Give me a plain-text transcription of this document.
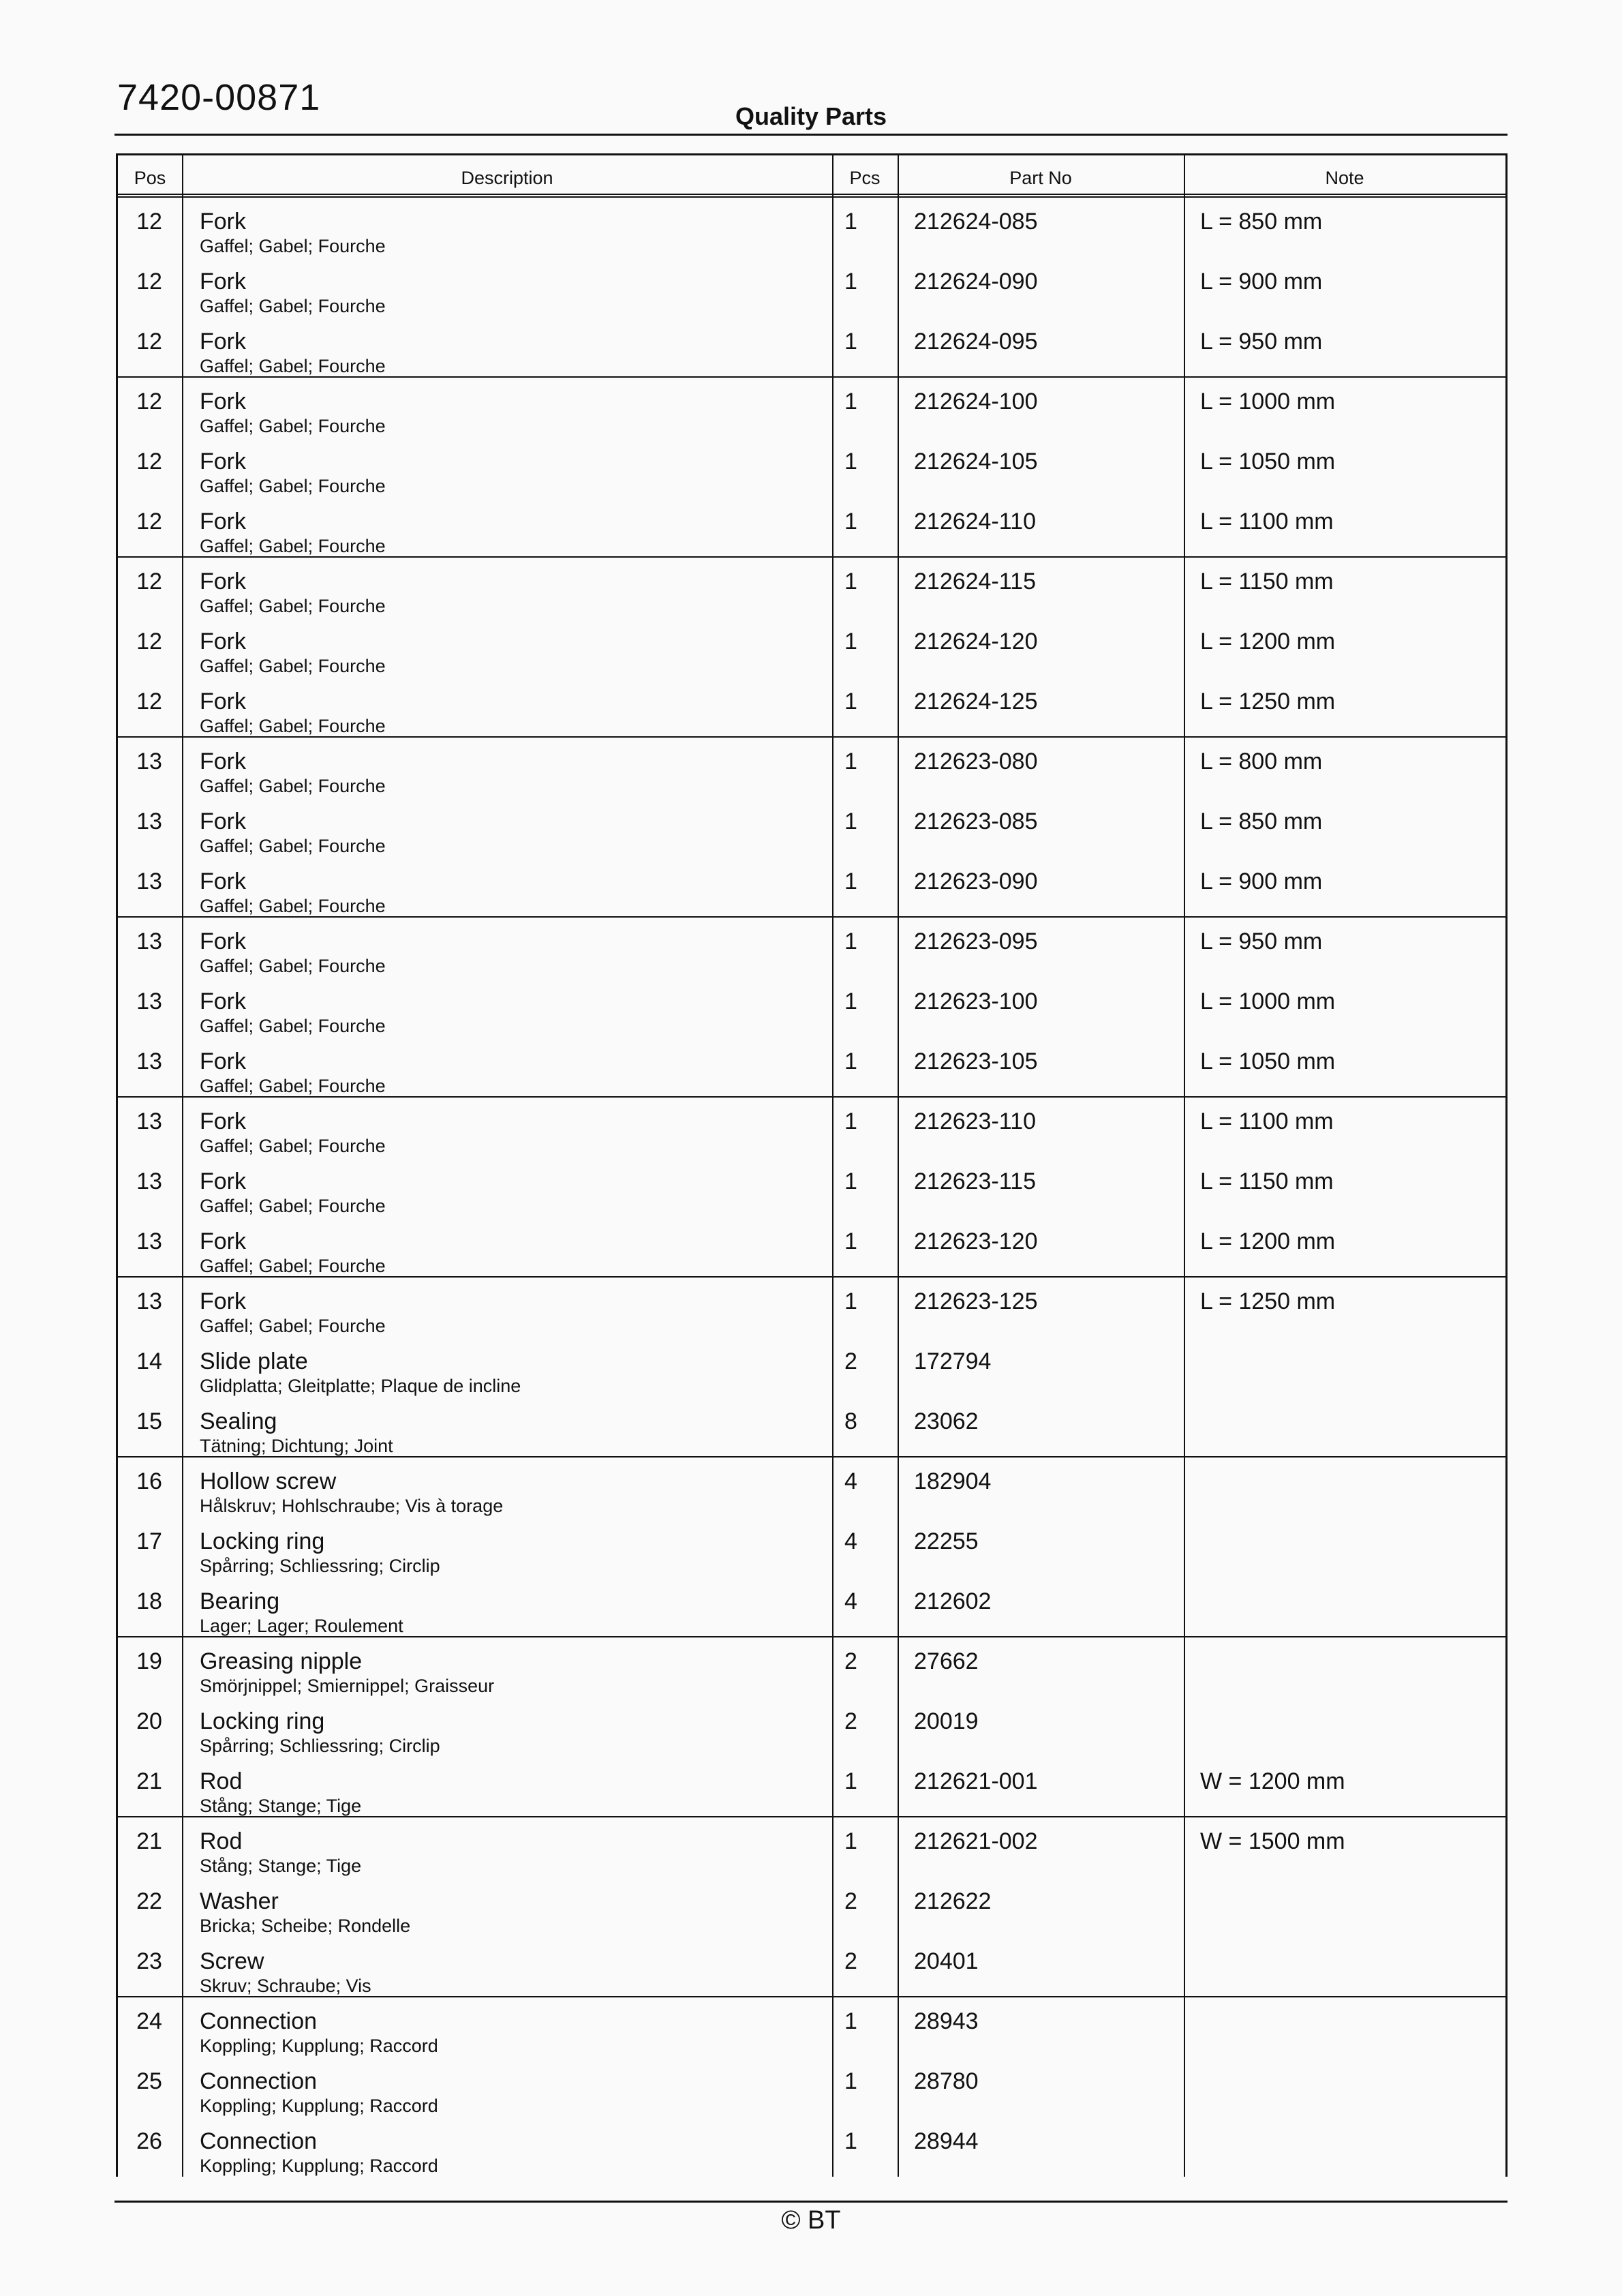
7420-00871	Quality Parts
Pos	Description	Pcs	Part No	Note
12	Fork
Gaffel; Gabel; Fourche
1 212624-085	L = 850 mm
12	Fork
Gaffel; Gabel; Fourche
1 212624-090	L = 900 mm
12	Fork
Gaffel; Gabel; Fourche
1 212624-095	L = 950 mm
12	Fork
Gaffel; Gabel; Fourche
1 212624-100	L = 1000 mm
12	Fork
Gaffel; Gabel; Fourche
1 212624-105	L = 1050 mm
12	Fork
Gaffel; Gabel; Fourche
1 212624-110	L = 1100 mm
12	Fork
Gaffel; Gabel; Fourche
1 212624-115	L = 1150 mm
12	Fork
Gaffel; Gabel; Fourche
1 212624-120	L = 1200 mm
12	Fork
Gaffel; Gabel; Fourche
1 212624-125	L = 1250 mm
13	Fork
Gaffel; Gabel; Fourche
1 212623-080	L = 800 mm
13	Fork
Gaffel; Gabel; Fourche
1 212623-085	L = 850 mm
13	Fork
Gaffel; Gabel; Fourche
1 212623-090	L = 900 mm
13	Fork
Gaffel; Gabel; Fourche
1 212623-095	L = 950 mm
13	Fork
Gaffel; Gabel; Fourche
1 212623-100	L = 1000 mm
13	Fork
Gaffel; Gabel; Fourche
1 212623-105	L = 1050 mm
13	Fork
Gaffel; Gabel; Fourche
1 212623-110	L = 1100 mm
13	Fork
Gaffel; Gabel; Fourche
1 212623-115	L = 1150 mm
13	Fork
Gaffel; Gabel; Fourche
1 212623-120	L = 1200 mm
13	Fork
Gaffel; Gabel; Fourche
1 212623-125	L = 1250 mm
14	Slide plate
Glidplatta; Gleitplatte; Plaque de incline
2 172794
15	Sealing
Tätning; Dichtung; Joint
8 23062
16	Hollow screw
Hålskruv; Hohlschraube; Vis à torage
4 182904
17	Locking ring
Spårring; Schliessring; Circlip
4 22255
18	Bearing
Lager; Lager; Roulement
4 212602
19	Greasing nipple
Smörjnippel; Smiernippel; Graisseur
2 27662
20	Locking ring
Spårring; Schliessring; Circlip
2 20019
21	Rod
Stång; Stange; Tige
1 212621-001	W = 1200 mm
21	Rod
Stång; Stange; Tige
1 212621-002	W = 1500 mm
22	Washer
Bricka; Scheibe; Rondelle
2 212622
23	Screw
Skruv; Schraube; Vis
2 20401
24	Connection
Koppling; Kupplung; Raccord
1 28943
25	Connection
Koppling; Kupplung; Raccord
1 28780
26	Connection
Koppling; Kupplung; Raccord
1 28944
© BT
